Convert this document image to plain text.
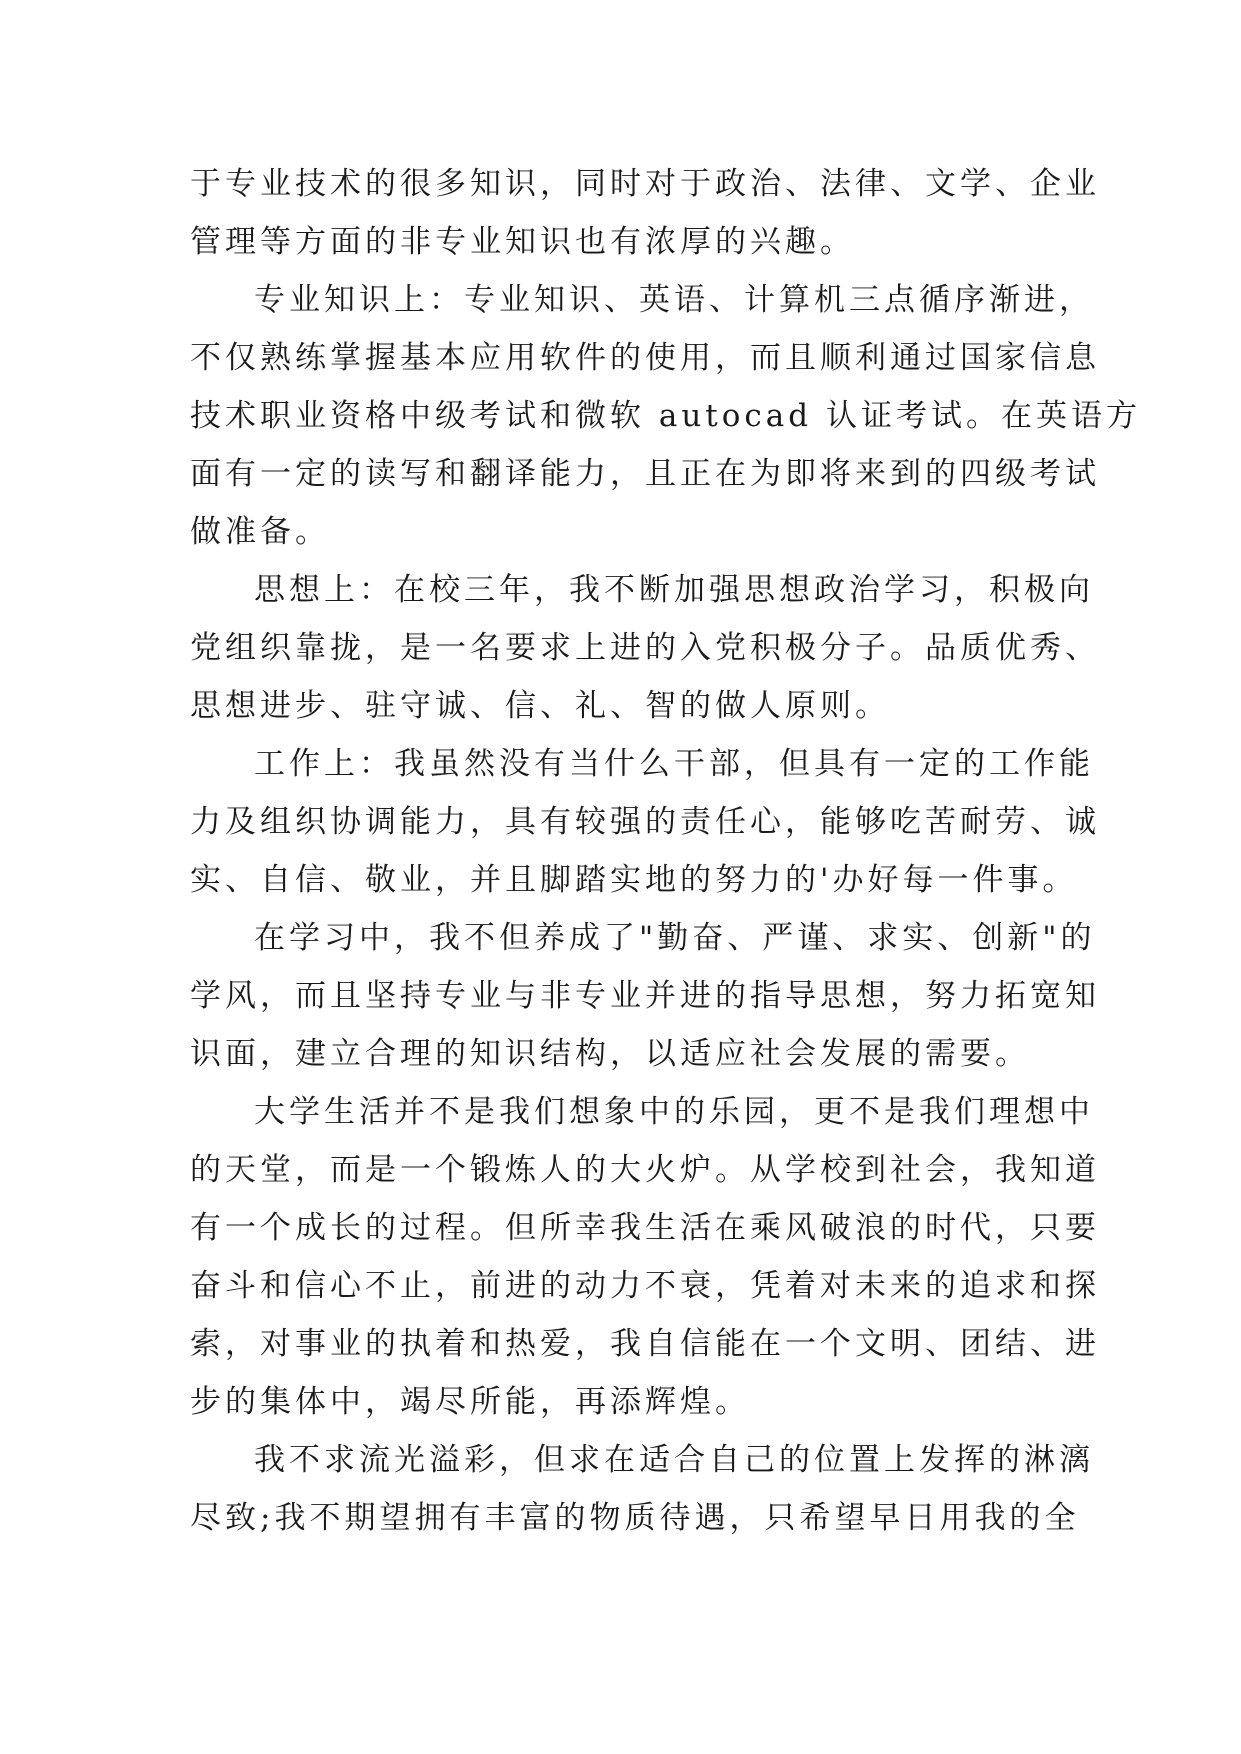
于专业技术的很多知识，同时对于政治、法律、文学、企业
管理等方面的非专业知识也有浓厚的兴趣。
专业知识上：专业知识、英语、计算机三点循序渐进，
不仅熟练掌握基本应用软件的使用，而且顺利通过国家信息
技术职业资格中级考试和微软 autocad 认证考试。在英语方
面有一定的读写和翻译能力，且正在为即将来到的四级考试
做准备。
思想上：在校三年，我不断加强思想政治学习，积极向
党组织靠拢，是一名要求上进的入党积极分子。品质优秀、
思想进步、驻守诚、信、礼、智的做人原则。
工作上：我虽然没有当什么干部，但具有一定的工作能
力及组织协调能力，具有较强的责任心，能够吃苦耐劳、诚
实、自信、敬业，并且脚踏实地的努力的'办好每一件事。
在学习中，我不但养成了"勤奋、严谨、求实、创新"的
学风，而且坚持专业与非专业并进的指导思想，努力拓宽知
识面，建立合理的知识结构，以适应社会发展的需要。
大学生活并不是我们想象中的乐园，更不是我们理想中
的天堂，而是一个锻炼人的大火炉。从学校到社会，我知道
有一个成长的过程。但所幸我生活在乘风破浪的时代，只要
奋斗和信心不止，前进的动力不衰，凭着对未来的追求和探
索，对事业的执着和热爱，我自信能在一个文明、团结、进
步的集体中，竭尽所能，再添辉煌。
我不求流光溢彩，但求在适合自己的位置上发挥的淋漓
尽致;我不期望拥有丰富的物质待遇，只希望早日用我的全
